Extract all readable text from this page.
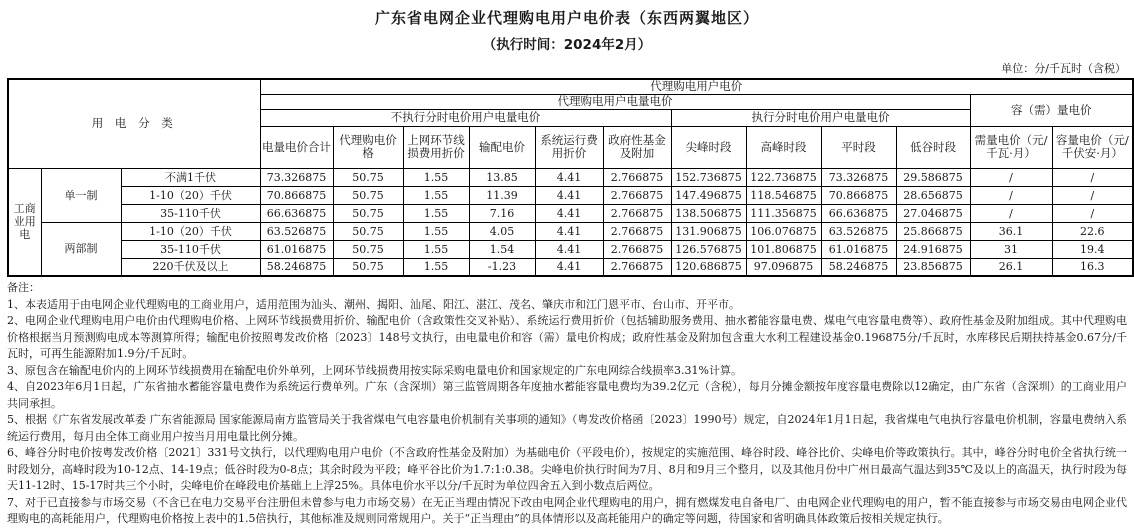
广东省电网企业代理购电用户电价表（东西两翼地区）
（执行时间：2024年2月）
单位：分/千瓦时（含税）
用 电 分 类			代理购电用户电价											
			代理购电用户电量电价										容（需）量电价	
			不执行分时电价用户电量电价						执行分时电价用户电量电价					
			电量电价合计	代理购电价格	上网环节线损费用折价	输配电价	系统运行费用折价	政府性基金及附加	尖峰时段	高峰时段	平时段	低谷时段	需量电价（元/千瓦·月）	容量电价（元/千伏安·月）
工商业用电	单一制	不满1千伏	73.326875	50.75	1.55	13.85	4.41	2.766875	152.736875	122.736875	73.326875	29.586875	/	/
		1-10（20）千伏	70.866875	50.75	1.55	11.39	4.41	2.766875	147.496875	118.546875	70.866875	28.656875	/	/
		35-110千伏	66.636875	50.75	1.55	7.16	4.41	2.766875	138.506875	111.356875	66.636875	27.046875	/	/
	两部制	1-10（20）千伏	63.526875	50.75	1.55	4.05	4.41	2.766875	131.906875	106.076875	63.526875	25.866875	36.1	22.6
		35-110千伏	61.016875	50.75	1.55	1.54	4.41	2.766875	126.576875	101.806875	61.016875	24.916875	31	19.4
		220千伏及以上	58.246875	50.75	1.55	-1.23	4.41	2.766875	120.686875	97.096875	58.246875	23.856875	26.1	16.3

备注：

1、本表适用于由电网企业代理购电的工商业用户，适用范围为汕头、潮州、揭阳、汕尾、阳江、湛江、茂名、肇庆市和江门恩平市、台山市、开平市。

2、电网企业代理购电用户电价由代理购电价格、上网环节线损费用折价、输配电价（含政策性交叉补贴）、系统运行费用折价（包括辅助服务费用、抽水蓄能容量电费、煤电气电容量电费等）、政府性基金及附加组成。其中代理购电价格根据当月预测购电成本等测算所得；输配电价按照粤发改价格〔2023〕148号文执行，由电量电价和容（需）量电价构成；政府性基金及附加包含重大水利工程建设基金0.196875分/千瓦时，水库移民后期扶持基金0.67分/千瓦时，可再生能源附加1.9分/千瓦时。

3、原包含在输配电价内的上网环节线损费用在输配电价外单列，上网环节线损费用按实际采购电量电价和国家规定的广东电网综合线损率3.31%计算。

4、自2023年6月1日起，广东省抽水蓄能容量电费作为系统运行费单列。广东（含深圳）第三监管周期各年度抽水蓄能容量电费均为39.2亿元（含税），每月分摊金额按年度容量电费除以12确定，由广东省（含深圳）的工商业用户共同承担。

5、根据《广东省发展改革委 广东省能源局 国家能源局南方监管局关于我省煤电气电容量电价机制有关事项的通知》（粤发改价格函〔2023〕1990号）规定，自2024年1月1日起，我省煤电气电执行容量电价机制，容量电费纳入系统运行费用，每月由全体工商业用户按当月用电量比例分摊。

6、峰谷分时电价按粤发改价格〔2021〕331号文执行，以代理购电用户电价（不含政府性基金及附加）为基础电价（平段电价），按规定的实施范围、峰谷时段、峰谷比价、尖峰电价等政策执行。其中，峰谷分时电价全省执行统一时段划分，高峰时段为10-12点、14-19点；低谷时段为0-8点；其余时段为平段；峰平谷比价为1.7:1:0.38。尖峰电价执行时间为7月、8月和9月三个整月，以及其他月份中广州日最高气温达到35℃及以上的高温天，执行时段为每天11-12时、15-17时共三个小时，尖峰电价在峰段电价基础上上浮25%。具体电价水平以分/千瓦时为单位四舍五入到小数点后两位。

7、对于已直接参与市场交易（不含已在电力交易平台注册但未曾参与电力市场交易）在无正当理由情况下改由电网企业代理购电的用户，拥有燃煤发电自备电厂、由电网企业代理购电的用户，暂不能直接参与市场交易由电网企业代理购电的高耗能用户，代理购电价格按上表中的1.5倍执行，其他标准及规则同常规用户。关于“正当理由”的具体情形以及高耗能用户的确定等问题，待国家和省明确具体政策后按相关规定执行。
